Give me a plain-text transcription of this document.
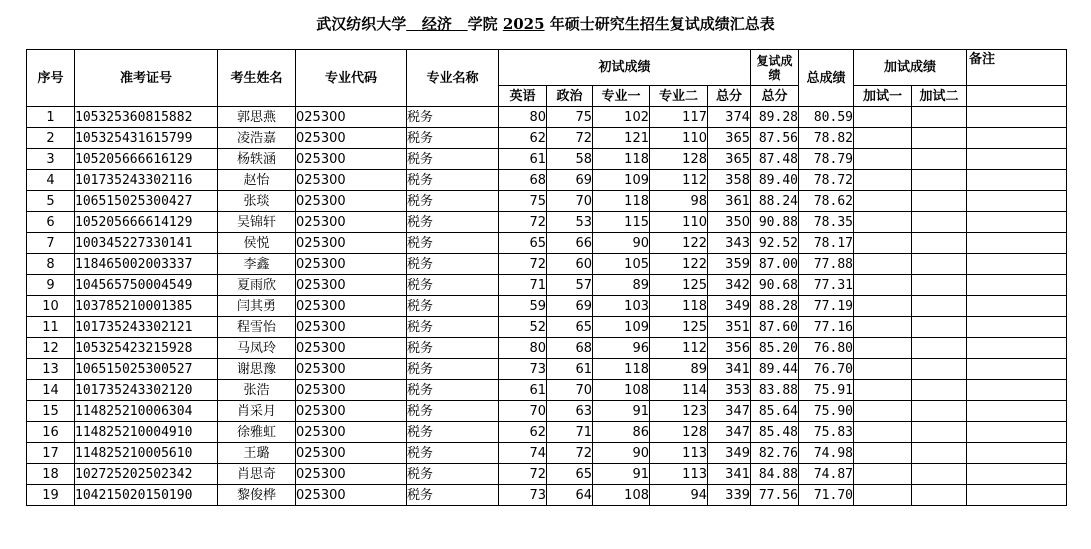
武汉纺织大学 经济 学院 2025 年硕士研究生招生复试成绩汇总表
序号	准考证号	考生姓名	专业代码	专业名称	初试成绩					复试成绩	总成绩	加试成绩		备注
					英语	政治	专业一	专业二	总分	总分		加试一	加试二	
1	105325360815882	郭思燕	025300	税务	80	75	102	117	374	89.28	80.59			
2	105325431615799	凌浩嘉	025300	税务	62	72	121	110	365	87.56	78.82			
3	105205666616129	杨轶涵	025300	税务	61	58	118	128	365	87.48	78.79			
4	101735243302116	赵怡	025300	税务	68	69	109	112	358	89.40	78.72			
5	106515025300427	张琰	025300	税务	75	70	118	98	361	88.24	78.62			
6	105205666614129	吴锦轩	025300	税务	72	53	115	110	350	90.88	78.35			
7	100345227330141	侯悦	025300	税务	65	66	90	122	343	92.52	78.17			
8	118465002003337	李鑫	025300	税务	72	60	105	122	359	87.00	77.88			
9	104565750004549	夏雨欣	025300	税务	71	57	89	125	342	90.68	77.31			
10	103785210001385	闫其勇	025300	税务	59	69	103	118	349	88.28	77.19			
11	101735243302121	程雪怡	025300	税务	52	65	109	125	351	87.60	77.16			
12	105325423215928	马凤玲	025300	税务	80	68	96	112	356	85.20	76.80			
13	106515025300527	谢思豫	025300	税务	73	61	118	89	341	89.44	76.70			
14	101735243302120	张浩	025300	税务	61	70	108	114	353	83.88	75.91			
15	114825210006304	肖采月	025300	税务	70	63	91	123	347	85.64	75.90			
16	114825210004910	徐雅虹	025300	税务	62	71	86	128	347	85.48	75.83			
17	114825210005610	王璐	025300	税务	74	72	90	113	349	82.76	74.98			
18	102725202502342	肖思奇	025300	税务	72	65	91	113	341	84.88	74.87			
19	104215020150190	黎俊桦	025300	税务	73	64	108	94	339	77.56	71.70			
